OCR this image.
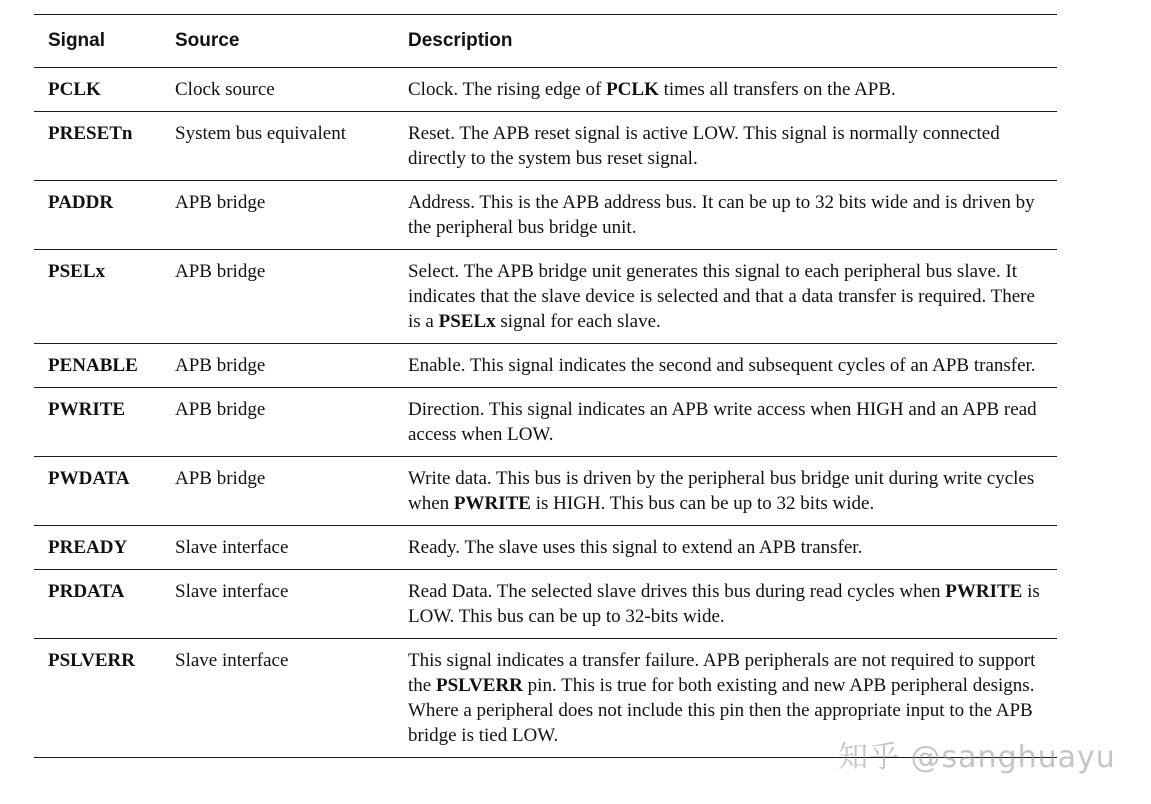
Signal	Source	Description
PCLK	Clock source	Clock. The rising edge of PCLK times all transfers on the APB.
PRESETn	System bus equivalent	Reset. The APB reset signal is active LOW. This signal is normally connected directly to the system bus reset signal.
PADDR	APB bridge	Address. This is the APB address bus. It can be up to 32 bits wide and is driven by the peripheral bus bridge unit.
PSELx	APB bridge	Select. The APB bridge unit generates this signal to each peripheral bus slave. It indicates that the slave device is selected and that a data transfer is required. There is a PSELx signal for each slave.
PENABLE	APB bridge	Enable. This signal indicates the second and subsequent cycles of an APB transfer.
PWRITE	APB bridge	Direction. This signal indicates an APB write access when HIGH and an APB read access when LOW.
PWDATA	APB bridge	Write data. This bus is driven by the peripheral bus bridge unit during write cycles when PWRITE is HIGH. This bus can be up to 32 bits wide.
PREADY	Slave interface	Ready. The slave uses this signal to extend an APB transfer.
PRDATA	Slave interface	Read Data. The selected slave drives this bus during read cycles when PWRITE is LOW. This bus can be up to 32-bits wide.
PSLVERR	Slave interface	This signal indicates a transfer failure. APB peripherals are not required to support the PSLVERR pin. This is true for both existing and new APB peripheral designs. Where a peripheral does not include this pin then the appropriate input to the APB bridge is tied LOW.
知乎 @sanghuayu
